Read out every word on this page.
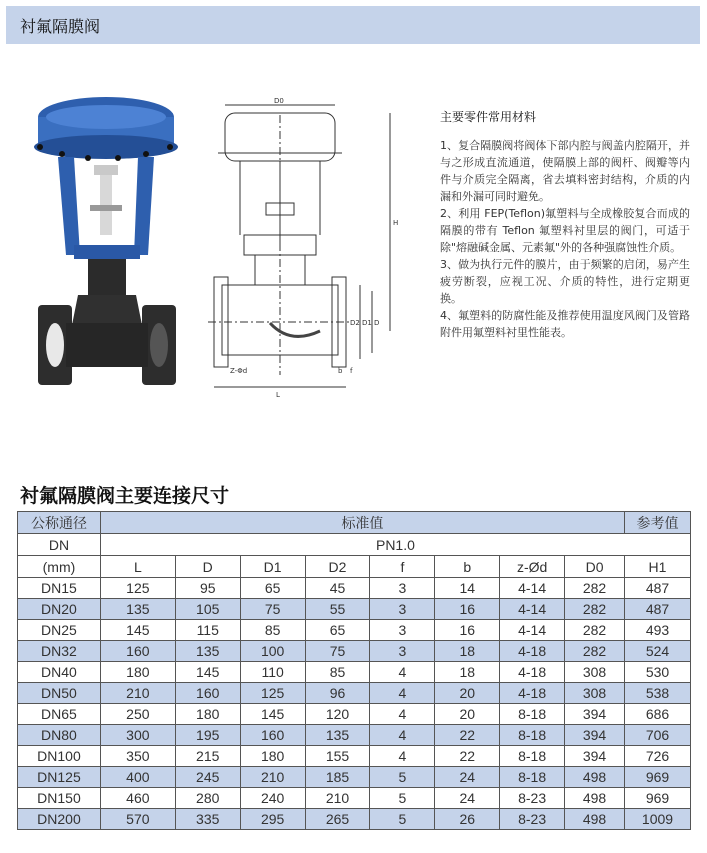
衬氟隔膜阀
D0
H
L
Z-Φd
D
D1
D2
b f
主要零件常用材料

1、复合隔膜阀将阀体下部内腔与阀盖内腔隔开，并与之形成直流通道，使隔膜上部的阀杆、阀瓣等内件与介质完全隔离，省去填料密封结构，介质的内漏和外漏可同时避免。

2、利用 FEP(Teflon)氟塑料与全成橡胶复合而成的隔膜的带有 Teflon 氟塑料衬里层的阀门，可适于除"熔融碱金属、元素氟"外的各种强腐蚀性介质。

3、做为执行元件的膜片，由于频繁的启闭，易产生疲劳断裂，应视工况、介质的特性，进行定期更换。

4、氟塑料的防腐性能及推荐使用温度风阀门及管路附件用氟塑料衬里性能表。

衬氟隔膜阀主要连接尺寸
公称通径	标准值								参考值
DN	PN1.0								
(mm)	L	D	D1	D2	f	b	z-Ød	D0	H1
DN15	125	95	65	45	3	14	4-14	282	487
DN20	135	105	75	55	3	16	4-14	282	487
DN25	145	115	85	65	3	16	4-14	282	493
DN32	160	135	100	75	3	18	4-18	282	524
DN40	180	145	110	85	4	18	4-18	308	530
DN50	210	160	125	96	4	20	4-18	308	538
DN65	250	180	145	120	4	20	8-18	394	686
DN80	300	195	160	135	4	22	8-18	394	706
DN100	350	215	180	155	4	22	8-18	394	726
DN125	400	245	210	185	5	24	8-18	498	969
DN150	460	280	240	210	5	24	8-23	498	969
DN200	570	335	295	265	5	26	8-23	498	1009
